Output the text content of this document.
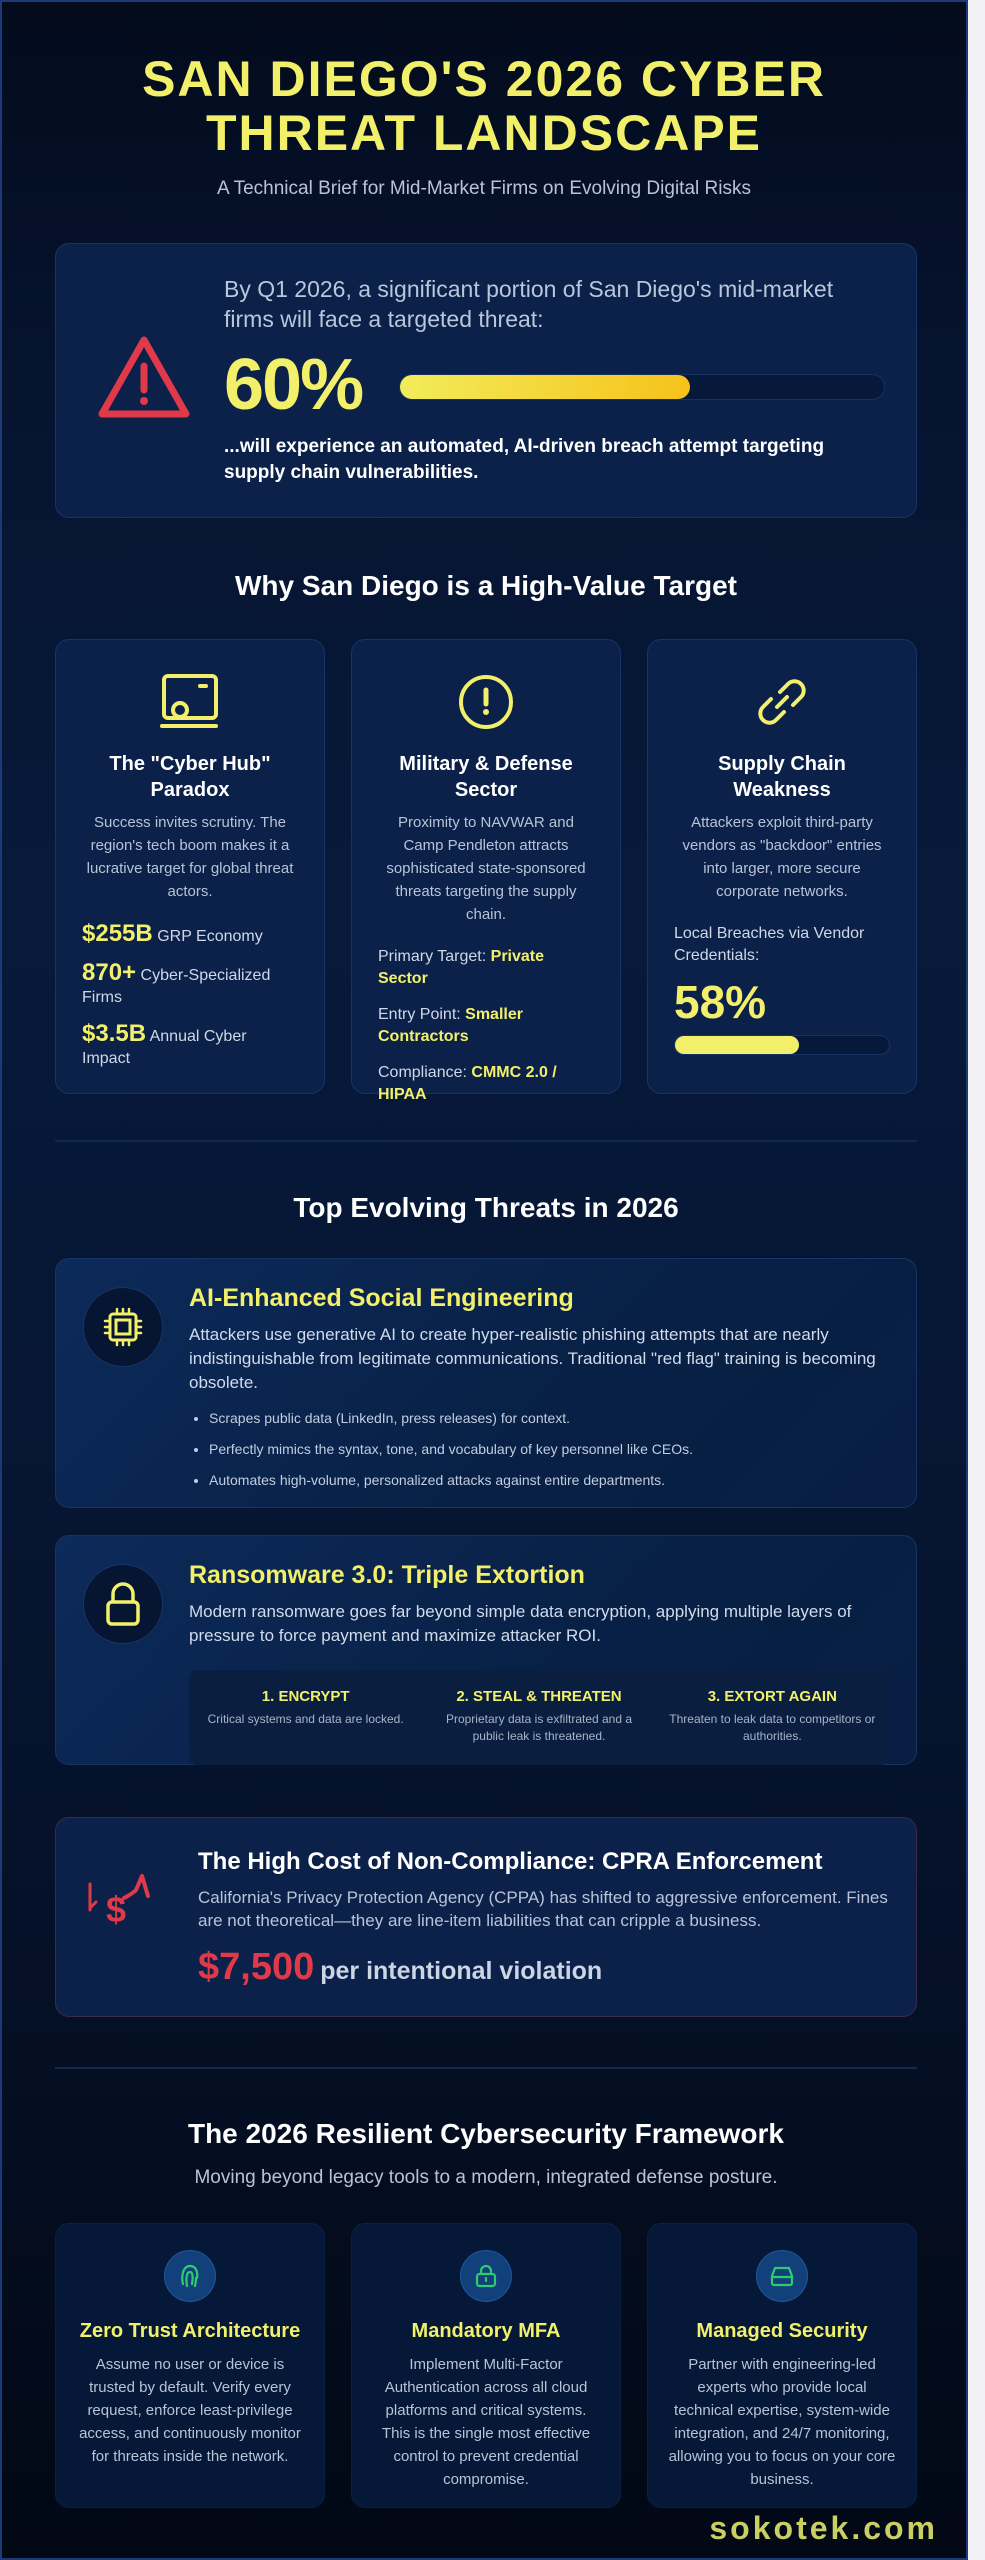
SAN DIEGO'S 2026 CYBER
THREAT LANDSCAPE

A Technical Brief for Mid-Market Firms on Evolving Digital Risks

By Q1 2026, a significant portion of San Diego's mid-market firms will face a targeted threat:

60%

...will experience an automated, AI-driven breach attempt targeting supply chain vulnerabilities.

Why San Diego is a High-Value Target
The "Cyber Hub" Paradox

Success invites scrutiny. The region's tech boom makes it a lucrative target for global threat actors.

$255B GRP Economy
870+ Cyber-Specialized Firms
$3.5B Annual Cyber Impact
Military & Defense Sector

Proximity to NAVWAR and Camp Pendleton attracts sophisticated state-sponsored threats targeting the supply chain.

Primary Target: Private Sector
Entry Point: Smaller Contractors
Compliance: CMMC 2.0 / HIPAA
Supply Chain Weakness

Attackers exploit third-party vendors as "backdoor" entries into larger, more secure corporate networks.

Local Breaches via Vendor Credentials:

58%
Top Evolving Threats in 2026
AI-Enhanced Social Engineering

Attackers use generative AI to create hyper-realistic phishing attempts that are nearly indistinguishable from legitimate communications. Traditional "red flag" training is becoming obsolete.

• Scrapes public data (LinkedIn, press releases) for context.
• Perfectly mimics the syntax, tone, and vocabulary of key personnel like CEOs.
• Automates high-volume, personalized attacks against entire departments.
Ransomware 3.0: Triple Extortion

Modern ransomware goes far beyond simple data encryption, applying multiple layers of pressure to force payment and maximize attacker ROI.

1. ENCRYPT
Critical systems and data are locked.
2. STEAL & THREATEN
Proprietary data is exfiltrated and a public leak is threatened.
3. EXTORT AGAIN
Threaten to leak data to competitors or authorities.
$
The High Cost of Non-Compliance: CPRA Enforcement

California's Privacy Protection Agency (CPPA) has shifted to aggressive enforcement. Fines are not theoretical—they are line-item liabilities that can cripple a business.

$7,500 per intentional violation
The 2026 Resilient Cybersecurity Framework

Moving beyond legacy tools to a modern, integrated defense posture.

Zero Trust Architecture

Assume no user or device is trusted by default. Verify every request, enforce least-privilege access, and continuously monitor for threats inside the network.

Mandatory MFA

Implement Multi-Factor Authentication across all cloud platforms and critical systems. This is the single most effective control to prevent credential compromise.

Managed Security

Partner with engineering-led experts who provide local technical expertise, system-wide integration, and 24/7 monitoring, allowing you to focus on your core business.

sokotek.com
